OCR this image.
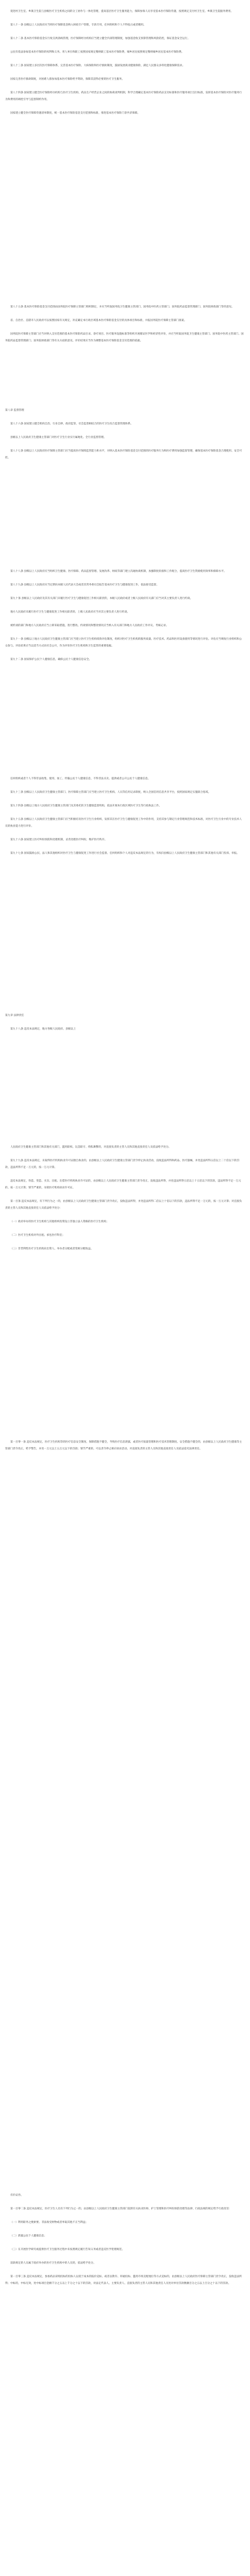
促进村卫生室、乡镇卫生院与县级医疗卫生机构之间的分工协作与一体化管理，提高基层医疗卫生服务能力，保障参保人员享受基本医疗保险待遇，按照规定支付村卫生室、乡镇卫生院服务费用。

第八十一条 县级以上人民政府应当将医疗保障基金纳入财政专户管理，专款专用，任何组织和个人不得侵占或者挪用。

第八十二条 基本医疗保险基金实行收支两条线管理，医疗保障经办机构应当建立健全内部管理制度，加强基金收支预算管理和风险防控，保证基金安全运行。

公民有依法参加基本医疗保险的权利和义务。用人单位和职工按照国家规定缴纳职工基本医疗保险费，城乡居民按照规定缴纳城乡居民基本医疗保险费。

第八十三条 国家建立多层次医疗保障体系，完善基本医疗保险、大病保险和医疗救助制度，鼓励发展商业健康保险，满足人民群众多样化健康保障需求。

国家完善医疗救助制度，对困难人群参加基本医疗保险给予资助，保障其获得必要的医疗卫生服务。

第八十四条 国家建立健全医疗保险经办机构与医疗卫生机构、药品生产经营企业之间的协商谈判机制，科学合理确定基本医疗保险药品支付标准和医疗服务项目支付标准，发挥基本医疗保险对医疗服务行为和费用的调控引导与监督制约作用。

国家建立健全医疗保障待遇清单制度，统一基本医疗保险基金支付范围和标准，推进基本医疗保险门诊共济保障。

第八十五条 基本医疗保险基金支付范围由国务院医疗保障主管部门组织制定，并应当听取国务院卫生健康主管部门、国务院中医药主管部门、国务院药品监督管理部门、国务院财政部门等的意见。

省、自治区、直辖市人民政府可以按照国家有关规定，补充确定本行政区域基本医疗保险基金支付的具体项目和标准，并报国务院医疗保障主管部门备案。

国务院医疗保障主管部门应当对纳入支付范围的基本医疗保险药品目录、诊疗项目、医疗服务设施标准等组织开展循证医学和经济性评价，并应当听取国务院卫生健康主管部门、国务院中医药主管部门、国务院药品监督管理部门、国务院财政部门等有关方面的意见。评价结果应当作为调整基本医疗保险基金支付范围的依据。

第八章 监督管理

第八十六条 国家建立健全机构自治、行业自律、政府监管、社会监督相结合的医疗卫生综合监督管理体系。

县级以上人民政府卫生健康主管部门对医疗卫生行业实行属地化、全行业监督管理。

第八十七条 县级以上人民政府医疗保障主管部门应当提高医疗保障监管能力和水平，对纳入基本医疗保险基金支付范围的医疗服务行为和医疗费用加强监督管理，确保基本医疗保险基金合理使用、安全可控。

第八十八条 县级以上人民政府应当组织卫生健康、医疗保障、药品监督管理、发展改革、财政等部门建立沟通协商机制，加强制度衔接和工作配合，提高医疗卫生资源使用效率和保障水平。

第八十九条 县级以上人民政府应当定期向本级人民代表大会或者其常务委员会报告基本医疗卫生与健康促进工作，依法接受监督。

第九十条 县级以上人民政府及其有关部门未履行医疗卫生与健康促进工作相关职责的，本级人民政府或者上级人民政府有关部门应当对其主要负责人进行约谈。

地方人民政府未履行医疗卫生与健康促进工作相关职责的，上级人民政府应当对其主要负责人进行约谈。

被约谈的部门和地方人民政府应当立即采取措施，进行整改。约谈情况和整改情况应当纳入有关部门和地方人民政府工作评议、考核记录。

第九十一条 县级以上地方人民政府卫生健康主管部门应当建立医疗卫生机构绩效评估制度，组织对医疗卫生机构的服务质量、医疗技术、药品和医用设备使用等情况进行评估。评估应当吸收行业组织和公众参与。评估结果应当以适当方式向社会公开，作为评价医疗卫生机构和卫生监管的重要依据。

第九十二条 国家保护公民个人健康信息，确保公民个人健康信息安全。

任何组织或者个人不得非法收集、使用、加工、传输公民个人健康信息，不得非法买卖、提供或者公开公民个人健康信息。

第九十三条 县级以上人民政府卫生健康主管部门、医疗保障主管部门应当建立医疗卫生机构、人员等信用记录制度，纳入全国信用信息共享平台，按照国家规定实施联合惩戒。

第九十四条 县级以上地方人民政府卫生健康主管部门及其委托的卫生健康监督机构，依法开展本行政区域医疗卫生等行政执法工作。

第九十五条 县级以上人民政府卫生健康主管部门应当积极培育医疗卫生行业组织，发挥其在医疗卫生与健康促进工作中的作用，支持其参与制定行业管理规范和技术标准，对医疗卫生行业中的专业技术人员的执业能力进行评价。

第九十六条 国家建立医疗纠纷预防和处理机制，妥善处理医疗纠纷，维护医疗秩序。

第九十七条 国家鼓励公民、法人和其他组织对医疗卫生与健康促进工作进行社会监督。任何组织和个人对违反本法规定的行为，有权向县级以上人民政府卫生健康主管部门和其他有关部门投诉、举报。

第九章 法律责任

第九十八条 违反本法规定，地方各级人民政府、县级以上

人民政府卫生健康主管部门和其他有关部门，滥用职权、玩忽职守、徇私舞弊的，对直接负责的主管人员和其他直接责任人员依法给予处分。

第九十九条 违反本法规定，未取得医疗机构执业许可证擅自执业的，由县级以上人民政府卫生健康主管部门责令停止执业活动，没收违法所得和药品、医疗器械，并处违法所得五倍以上二十倍以下的罚款，违法所得不足一万元的，按一万元计算。

违反本法规定，伪造、变造、买卖、出租、出借医疗机构执业许可证的，由县级以上人民政府卫生健康主管部门责令改正，没收违法所得，并处违法所得五倍以上十五倍以下的罚款，违法所得不足一万元的，按一万元计算；情节严重的，吊销医疗机构执业许可证。

第一百条 违反本法规定，有下列行为之一的，由县级以上人民政府卫生健康主管部门责令改正，没收违法所得，并处违法所得二倍以上十倍以下的罚款，违法所得不足一万元的，按一万元计算；对直接负责的主管人员和其他直接责任人员依法给予处分：

（一）政府举办的医疗卫生机构与其他组织投资设立非独立法人资格的医疗卫生机构；

（二）医疗卫生机构对外出租、承包医疗科室；

（三）非营利性医疗卫生机构向出资人、举办者分配或者变相分配收益。

第一百零一条 违反本法规定，医疗卫生机构等的医疗信息安全制度、保障措施不健全，导致医疗信息泄露，或者医疗质量管理和医疗技术管理制度、安全措施不健全的，由县级以上人民政府卫生健康等主管部门责令改正，给予警告，并处一万元以上五万元以下的罚款；情节严重的，可以责令停止相应执业活动，对直接负责的主管人员和其他直接责任人员依法追究法律责任。

有价证券。

第一百零二条 违反本法规定，医疗卫生人员有下列行为之一的，由县级以上人民政府卫生健康主管部门依照有关执业医师、护士管理和医疗纠纷预防处理等法律、行政法规的规定给予行政处罚：

（一）利用职务之便索要、非法收受财物或者牟取其他不正当利益；

（二）泄露公民个人健康信息；

（三）在开展医学研究或提供医疗卫生服务过程中未按照规定履行告知义务或者违反医学伦理规范。

前款规定的人员属于政府举办的医疗卫生机构中的人员的，依法给予处分。

第一百零三条 违反本法规定，参加药品采购投标的投标人以低于成本的报价竞标，或者以欺诈、串通投标、滥用市场支配地位等方式竞标的，由县级以上人民政府医疗保障主管部门责令改正，没收违法所得；中标的，中标无效，处中标项目金额千分之五以上千分之十以下的罚款，对法定代表人、主要负责人、直接负责的主管人员和其他责任人员处对单位罚款数额百分之五以上百分之十以下的罚款。
